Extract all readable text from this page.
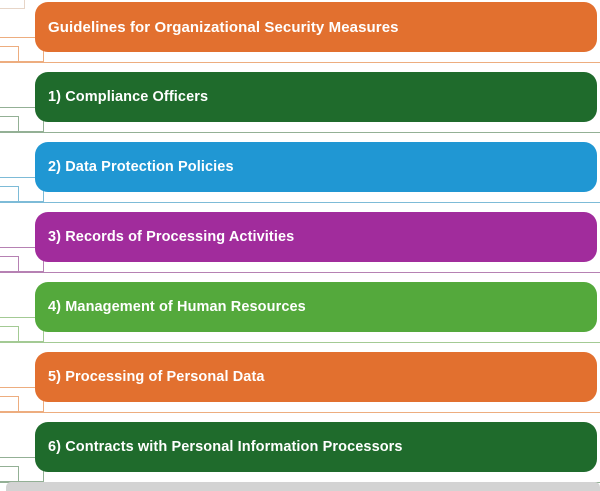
Guidelines for Organizational Security Measures
1) Compliance Officers
2) Data Protection Policies
3) Records of Processing Activities
4) Management of Human Resources
5) Processing of Personal Data
6) Contracts with Personal Information Processors
